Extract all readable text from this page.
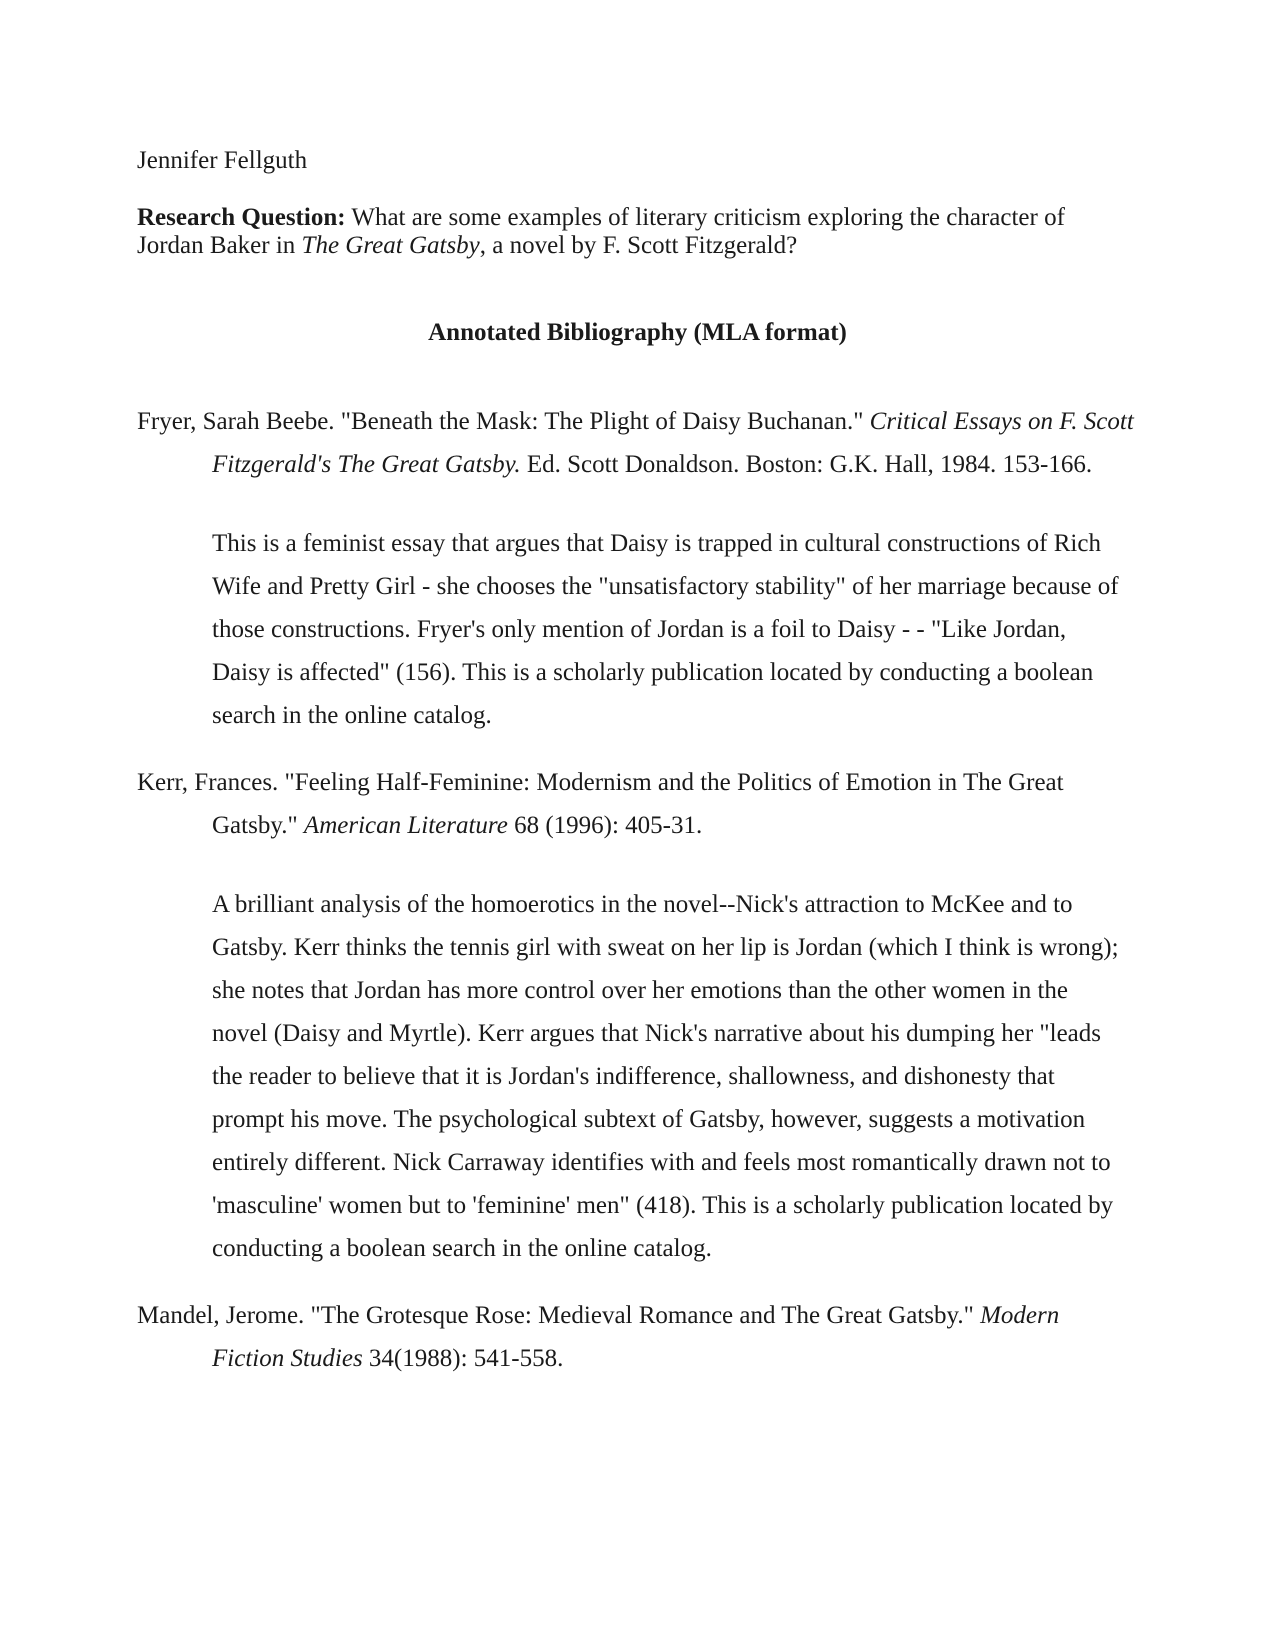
Jennifer Fellguth

Research Question: What are some examples of literary criticism exploring the character of Jordan Baker in The Great Gatsby, a novel by F. Scott Fitzgerald?

Annotated Bibliography (MLA format)

Fryer, Sarah Beebe. "Beneath the Mask: The Plight of Daisy Buchanan." Critical Essays on F. Scott Fitzgerald's The Great Gatsby. Ed. Scott Donaldson. Boston: G.K. Hall, 1984. 153-166.

This is a feminist essay that argues that Daisy is trapped in cultural constructions of Rich Wife and Pretty Girl - she chooses the "unsatisfactory stability" of her marriage because of those constructions. Fryer's only mention of Jordan is a foil to Daisy - - "Like Jordan, Daisy is affected" (156). This is a scholarly publication located by conducting a boolean search in the online catalog.

Kerr, Frances. "Feeling Half-Feminine: Modernism and the Politics of Emotion in The Great Gatsby." American Literature 68 (1996): 405-31.

A brilliant analysis of the homoerotics in the novel--Nick's attraction to McKee and to Gatsby. Kerr thinks the tennis girl with sweat on her lip is Jordan (which I think is wrong); she notes that Jordan has more control over her emotions than the other women in the novel (Daisy and Myrtle). Kerr argues that Nick's narrative about his dumping her "leads the reader to believe that it is Jordan's indifference, shallowness, and dishonesty that prompt his move. The psychological subtext of Gatsby, however, suggests a motivation entirely different. Nick Carraway identifies with and feels most romantically drawn not to 'masculine' women but to 'feminine' men" (418). This is a scholarly publication located by conducting a boolean search in the online catalog.

Mandel, Jerome. "The Grotesque Rose: Medieval Romance and The Great Gatsby." Modern Fiction Studies 34(1988): 541-558.
